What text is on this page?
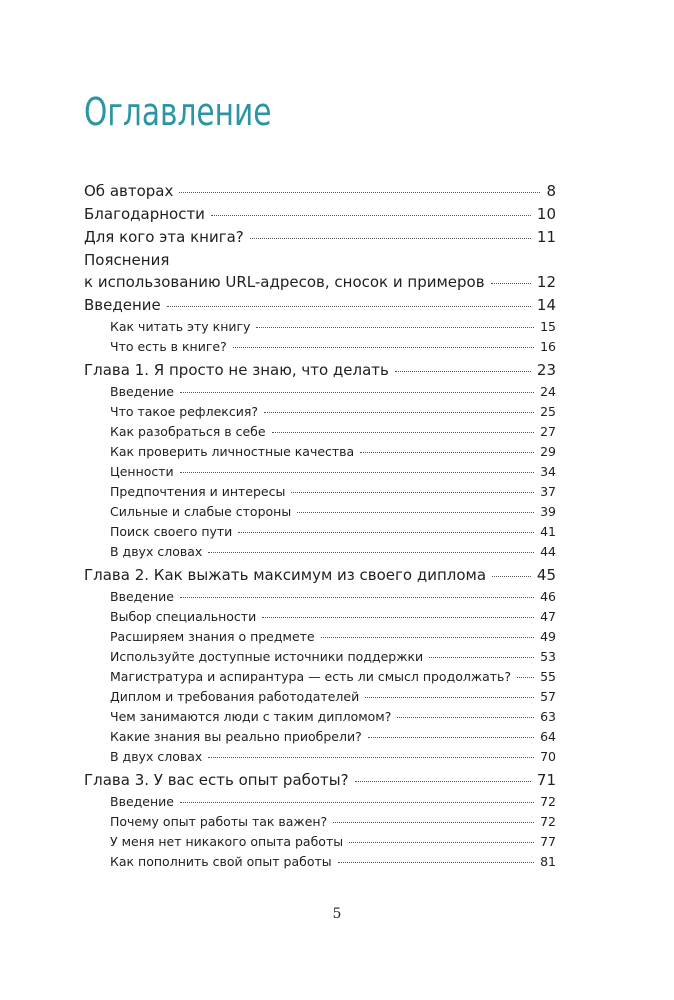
Оглавление
Об авторах	8
Благодарности	10
Для кого эта книга?	11
Пояснения
к использованию URL-адресов, сносок и примеров	12
Введение	14
Как читать эту книгу	15
Что есть в книге?	16
Глава 1. Я просто не знаю, что делать	23
Введение	24
Что такое рефлексия?	25
Как разобраться в себе	27
Как проверить личностные качества	29
Ценности	34
Предпочтения и интересы	37
Сильные и слабые стороны	39
Поиск своего пути	41
В двух словах	44
Глава 2. Как выжать максимум из своего диплома	45
Введение	46
Выбор специальности	47
Расширяем знания о предмете	49
Используйте доступные источники поддержки	53
Магистратура и аспирантура — есть ли смысл продолжать? 55
Диплом и требования работодателей	57
Чем занимаются люди с таким дипломом?	63
Какие знания вы реально приобрели?	64
В двух словах	70
Глава 3. У вас есть опыт работы?	71
Введение	72
Почему опыт работы так важен?	72
У меня нет никакого опыта работы	77
Как пополнить свой опыт работы	81
5
